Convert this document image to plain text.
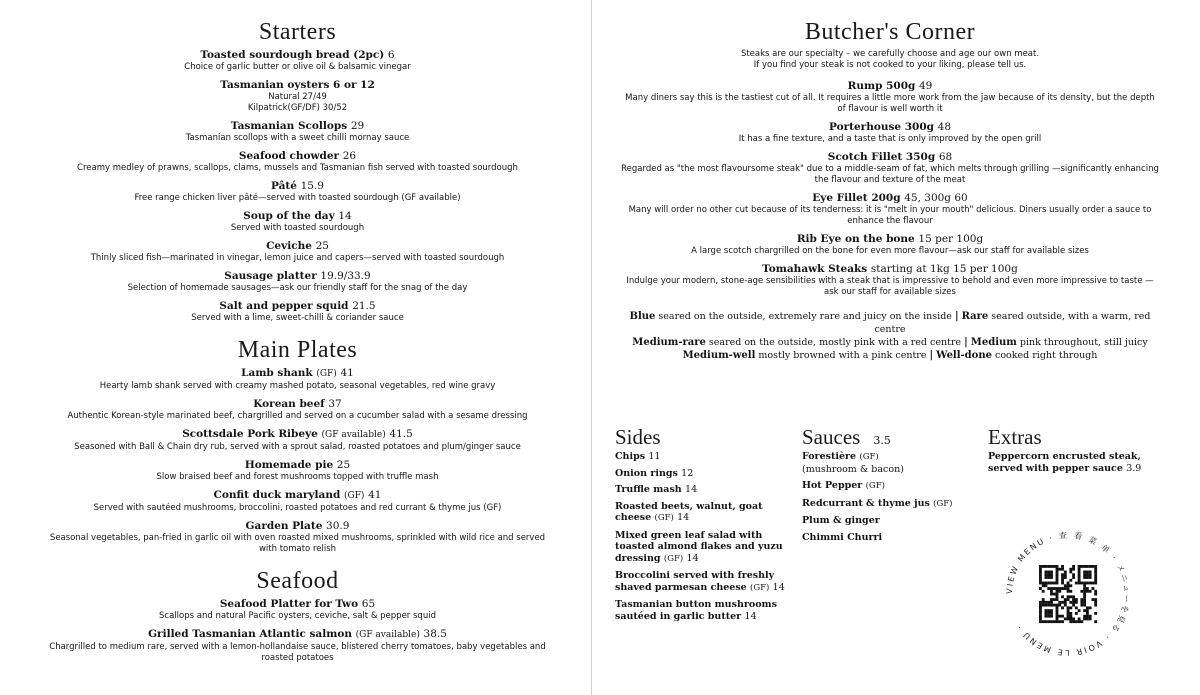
Starters
Toasted sourdough bread (2pc) 6
Choice of garlic butter or olive oil & balsamic vinegar
Tasmanian oysters 6 or 12
Natural 27/49
Kilpatrick(GF/DF) 30/52
Tasmanian Scollops 29
Tasmanian scollops with a sweet chilli mornay sauce
Seafood chowder 26
Creamy medley of prawns, scallops, clams, mussels and Tasmanian fish served with toasted sourdough
Pâté 15.9
Free range chicken liver pâté—served with toasted sourdough (GF available)
Soup of the day 14
Served with toasted sourdough
Ceviche 25
Thinly sliced fish—marinated in vinegar, lemon juice and capers—served with toasted sourdough
Sausage platter 19.9/33.9
Selection of homemade sausages—ask our friendly staff for the snag of the day
Salt and pepper squid 21.5
Served with a lime, sweet-chilli & coriander sauce
Main Plates
Lamb shank (GF) 41
Hearty lamb shank served with creamy mashed potato, seasonal vegetables, red wine gravy
Korean beef 37
Authentic Korean-style marinated beef, chargrilled and served on a cucumber salad with a sesame dressing
Scottsdale Pork Ribeye (GF available) 41.5
Seasoned with Ball & Chain dry rub, served with a sprout salad, roasted potatoes and plum/ginger sauce
Homemade pie 25
Slow braised beef and forest mushrooms topped with truffle mash
Confit duck maryland (GF) 41
Served with sautéed mushrooms, broccolini, roasted potatoes and red currant & thyme jus (GF)
Garden Plate 30.9
Seasonal vegetables, pan-fried in garlic oil with oven roasted mixed mushrooms, sprinkled with wild rice and served with tomato relish
Seafood
Seafood Platter for Two 65
Scallops and natural Pacific oysters, ceviche, salt & pepper squid
Grilled Tasmanian Atlantic salmon (GF available) 38.5
Chargrilled to medium rare, served with a lemon-hollandaise sauce, blistered cherry tomatoes, baby vegetables and roasted potatoes
Butcher's Corner
Steaks are our specialty – we carefully choose and age our own meat.
If you find your steak is not cooked to your liking, please tell us.
Rump 500g 49
Many diners say this is the tastiest cut of all. It requires a little more work from the jaw because of its density, but the depth of flavour is well worth it
Porterhouse 300g 48
It has a fine texture, and a taste that is only improved by the open grill
Scotch Fillet 350g 68
Regarded as "the most flavoursome steak" due to a middle-seam of fat, which melts through grilling —significantly enhancing the flavour and texture of the meat
Eye Fillet 200g 45, 300g 60
Many will order no other cut because of its tenderness: it is "melt in your mouth" delicious. Diners usually order a sauce to enhance the flavour
Rib Eye on the bone 15 per 100g
A large scotch chargrilled on the bone for even more flavour—ask our staff for available sizes
Tomahawk Steaks starting at 1kg 15 per 100g
Indulge your modern, stone-age sensibilities with a steak that is impressive to behold and even more impressive to taste —ask our staff for available sizes
Blue seared on the outside, extremely rare and juicy on the inside | Rare seared outside, with a warm, red centre
Medium-rare seared on the outside, mostly pink with a red centre | Medium pink throughout, still juicy
Medium-well mostly browned with a pink centre | Well-done cooked right through
Sides
Chips 11
Onion rings 12
Truffle mash 14
Roasted beets, walnut, goat cheese (GF) 14
Mixed green leaf salad with toasted almond flakes and yuzu dressing (GF) 14
Broccolini served with freshly shaved parmesan cheese (GF) 14
Tasmanian button mushrooms sautéed in garlic butter 14
Sauces 3.5
Forestière (GF)
(mushroom & bacon)
Hot Pepper (GF)
Redcurrant & thyme jus (GF)
Plum & ginger
Chimmi Churri
Extras
Peppercorn encrusted steak, served with pepper sauce 3.9
VIEW MENU · 查 看 菜 单 · メニューを見る · VOIR LE MENU ·
